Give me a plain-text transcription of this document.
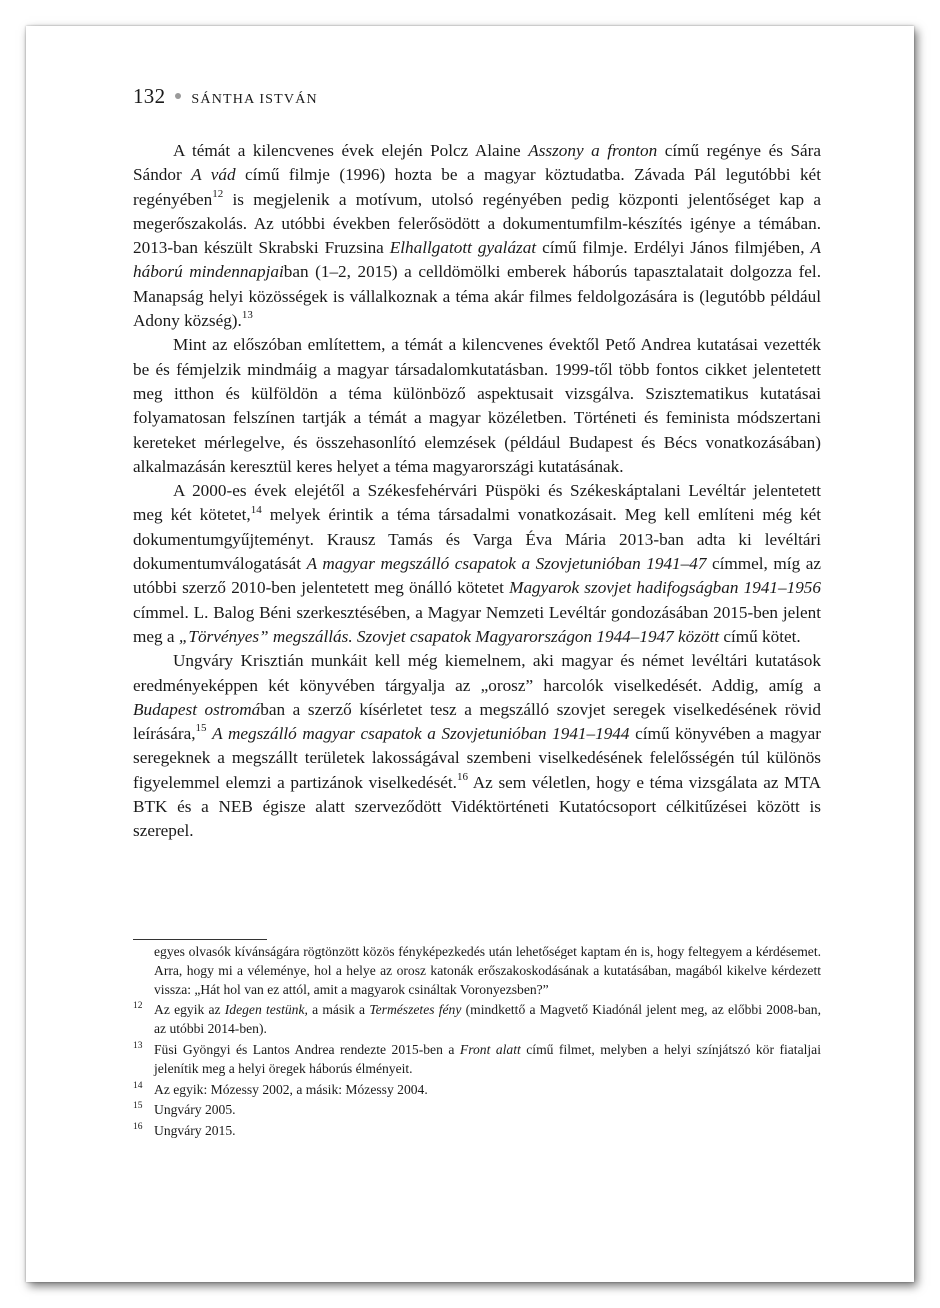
132 SÁNTHA ISTVÁN

A témát a kilencvenes évek elején Polcz Alaine Asszony a fronton című regénye és Sára Sándor A vád című filmje (1996) hozta be a magyar köztudatba. Závada Pál legutóbbi két regényében$^{12}$ is megjelenik a motívum, utolsó regényében pedig központi jelentőséget kap a megerőszakolás. Az utóbbi években felerősödött a dokumentumfilm-készítés igénye a témában. 2013-ban készült Skrabski Fruzsina Elhallgatott gyalázat című filmje. Erdélyi János filmjében, A háború mindennapjaiban (1–2, 2015) a celldömölki emberek háborús tapasztalatait dolgozza fel. Manapság helyi közösségek is vállalkoznak a téma akár filmes feldolgozására is (legutóbb például Adony község).$^{13}$

Mint az előszóban említettem, a témát a kilencvenes évektől Pető Andrea kutatásai vezették be és fémjelzik mindmáig a magyar társadalomkutatásban. 1999-től több fontos cikket jelentetett meg itthon és külföldön a téma különböző aspektusait vizsgálva. Szisztematikus kutatásai folyamatosan felszínen tartják a témát a magyar közéletben. Történeti és feminista módszertani kereteket mérlegelve, és összehasonlító elemzések (például Budapest és Bécs vonatkozásában) alkalmazásán keresztül keres helyet a téma magyarországi kutatásának.

A 2000-es évek elejétől a Székesfehérvári Püspöki és Székeskáptalani Levéltár jelentetett meg két kötetet,$^{14}$ melyek érintik a téma társadalmi vonatkozásait. Meg kell említeni még két dokumentumgyűjteményt. Krausz Tamás és Varga Éva Mária 2013-ban adta ki levéltári dokumentumválogatását A magyar megszálló csapatok a Szovjetunióban 1941–47 címmel, míg az utóbbi szerző 2010-ben jelentetett meg önálló kötetet Magyarok szovjet hadifogságban 1941–1956 címmel. L. Balog Béni szerkesztésében, a Magyar Nemzeti Levéltár gondozásában 2015-ben jelent meg a „Törvényes” megszállás. Szovjet csapatok Magyarországon 1944–1947 között című kötet.

Ungváry Krisztián munkáit kell még kiemelnem, aki magyar és német levéltári kutatások eredményeképpen két könyvében tárgyalja az „orosz” harcolók viselkedését. Addig, amíg a Budapest ostromában a szerző kísérletet tesz a megszálló szovjet seregek viselkedésének rövid leírására,$^{15}$ A megszálló magyar csapatok a Szovjetunióban 1941–1944 című könyvében a magyar seregeknek a megszállt területek lakosságával szembeni viselkedésének felelősségén túl különös figyelemmel elemzi a partizánok viselkedését.$^{16}$ Az sem véletlen, hogy e téma vizsgálata az MTA BTK és a NEB égisze alatt szerveződött Vidéktörténeti Kutatócsoport célkitűzései között is szerepel.

egyes olvasók kívánságára rögtönzött közös fényképezkedés után lehetőséget kaptam én is, hogy feltegyem a kérdésemet. Arra, hogy mi a véleménye, hol a helye az orosz katonák erőszakoskodásának a kutatásában, magából kikelve kérdezett vissza: „Hát hol van ez attól, amit a magyarok csináltak Voronyezsben?”
12 Az egyik az Idegen testünk, a másik a Természetes fény (mindkettő a Magvető Kiadónál jelent meg, az előbbi 2008-ban, az utóbbi 2014-ben).
13 Füsi Gyöngyi és Lantos Andrea rendezte 2015-ben a Front alatt című filmet, melyben a helyi színjátszó kör fiataljai jelenítik meg a helyi öregek háborús élményeit.
14 Az egyik: Mózessy 2002, a másik: Mózessy 2004.
15 Ungváry 2005.
16 Ungváry 2015.
